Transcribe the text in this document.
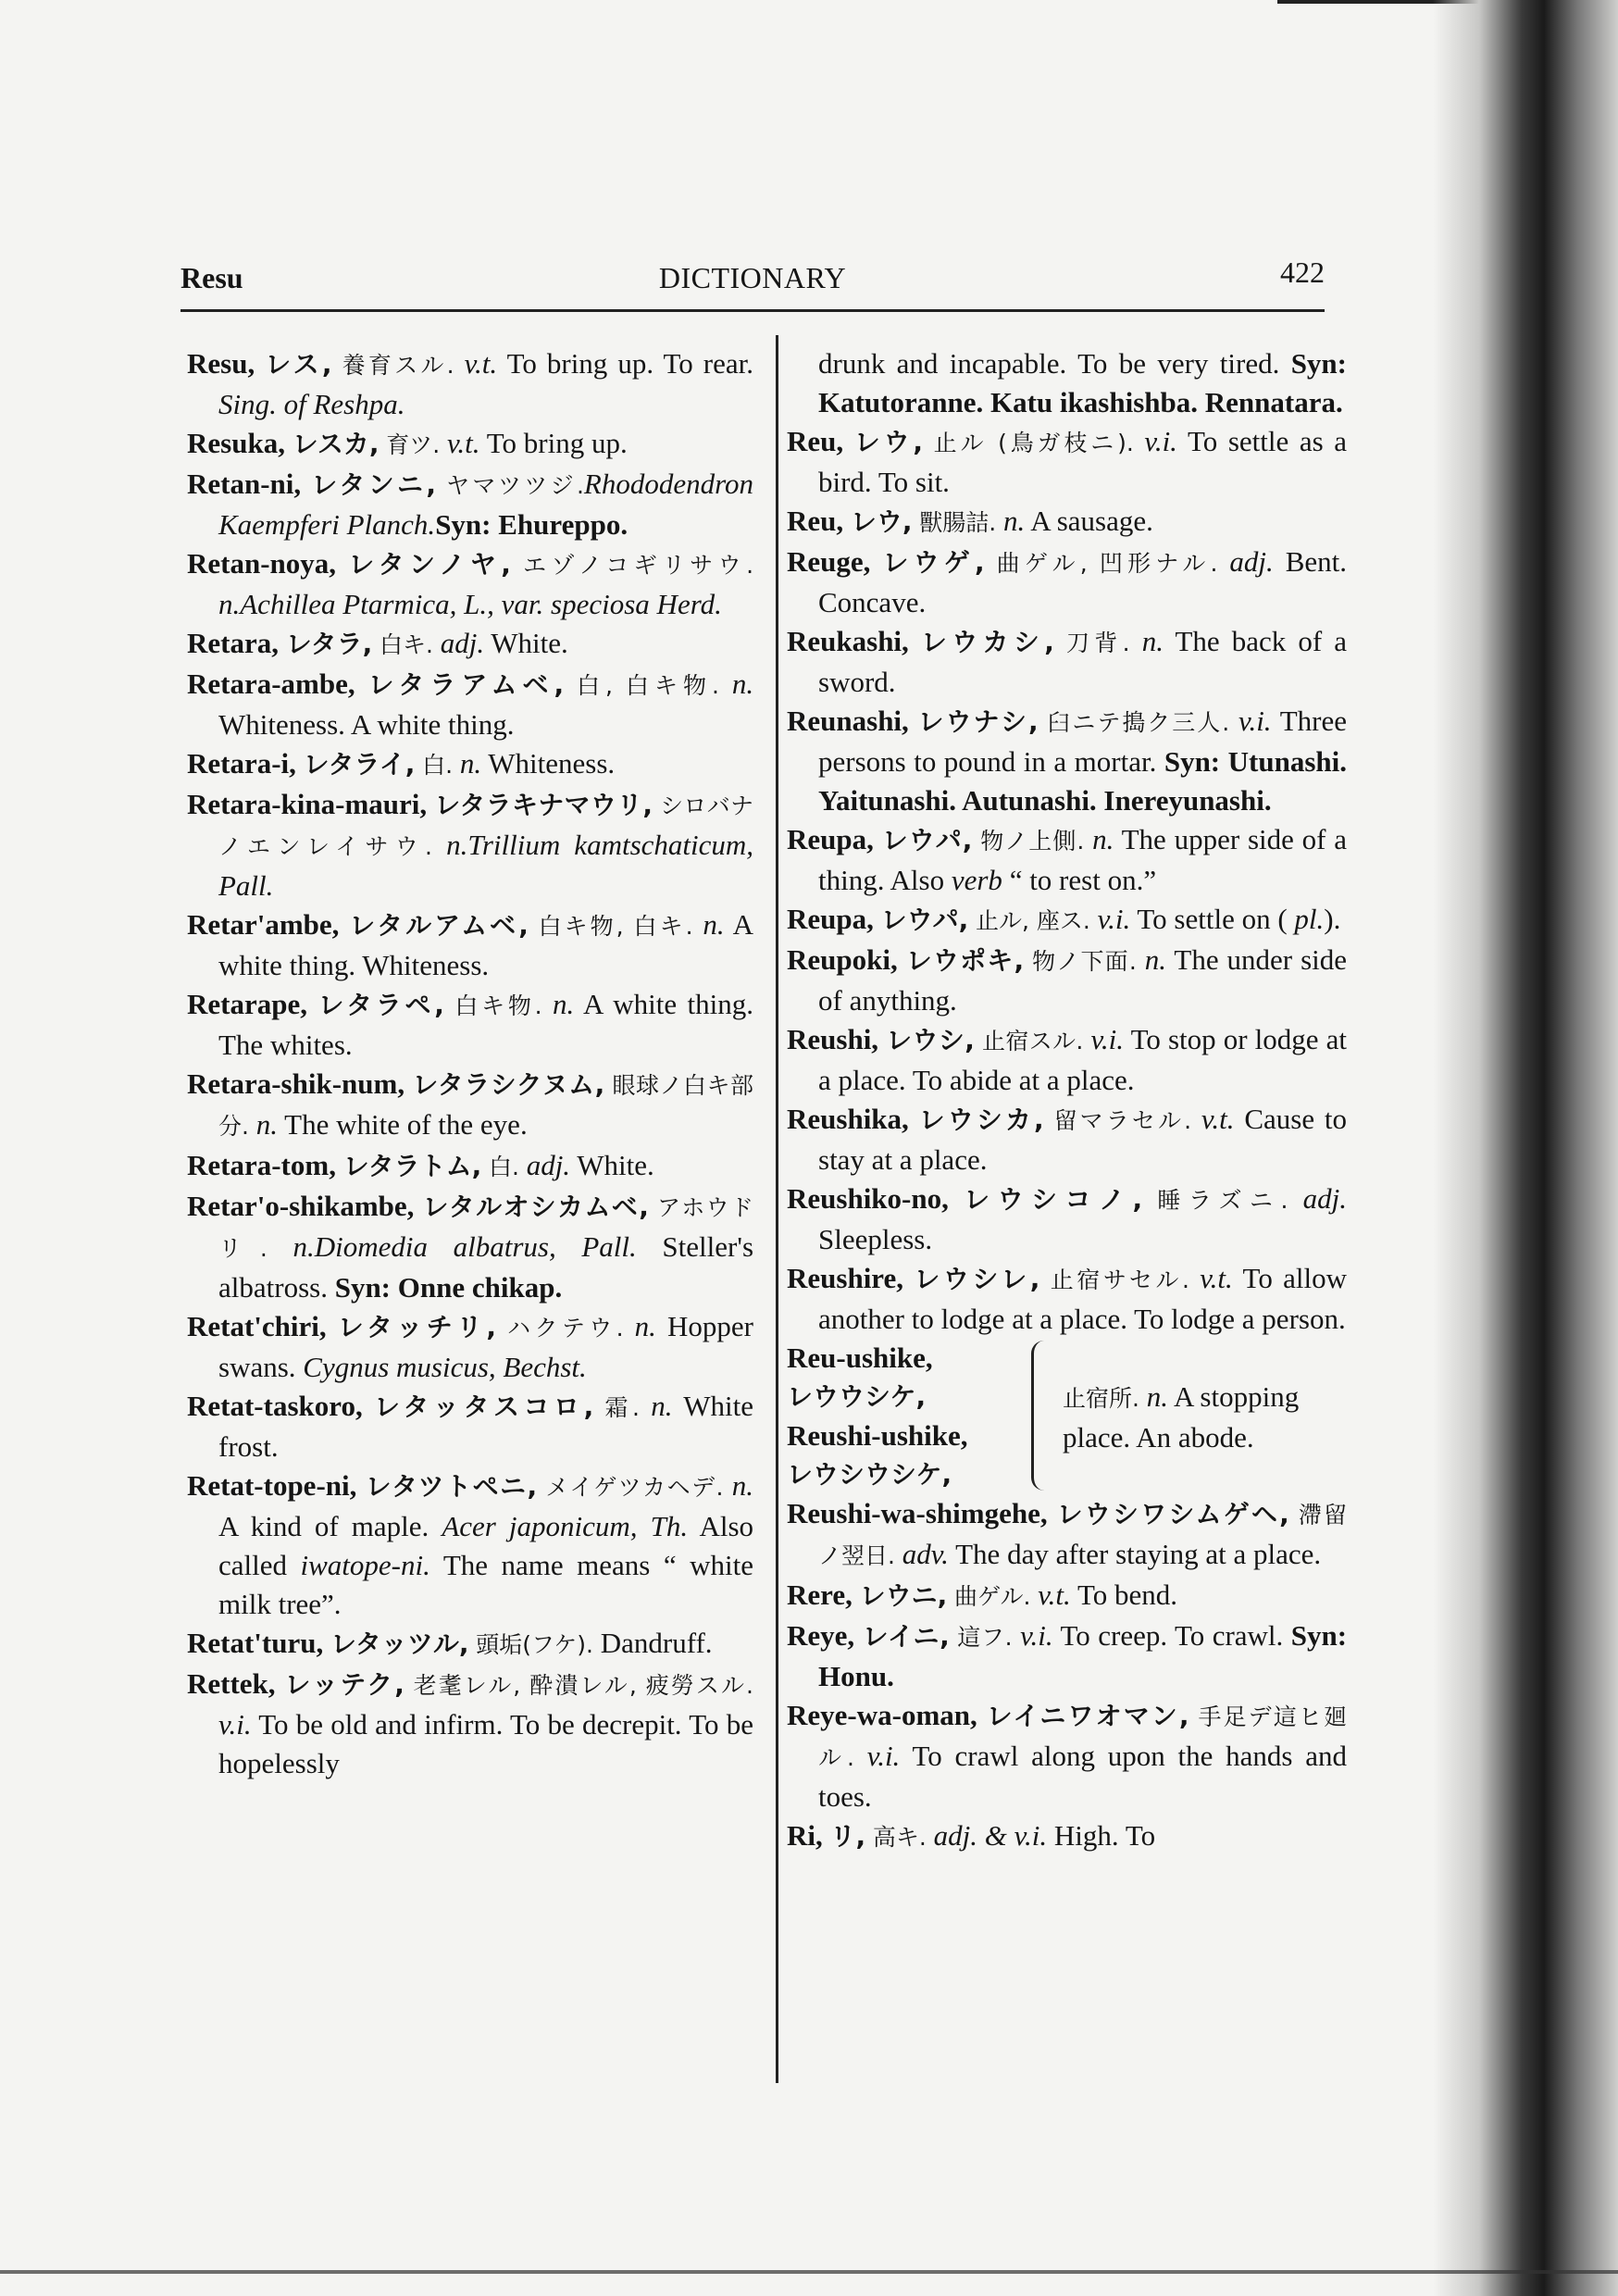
Resu	DICTIONARY	422

Resu, レス, 養育スル. v.t. To bring up. To rear. Sing. of Reshpa.

Resuka, レスカ, 育ツ. v.t. To bring up.

Retan-ni, レタンニ, ヤマツツジ.Rhododendron Kaempferi Planch.Syn: Ehureppo.

Retan-noya, レタンノヤ, エゾノコギリサウ. n.Achillea Ptarmica, L., var. speciosa Herd.

Retara, レタラ, 白キ. adj. White.

Retara-ambe, レタラアムベ, 白, 白キ物. n. Whiteness. A white thing.

Retara-i, レタライ, 白. n. Whiteness.

Retara-kina-mauri, レタラキナマウリ, シロバナノエンレイサウ. n.Trillium kamtschaticum, Pall.

Retar'ambe, レタルアムベ, 白キ物, 白キ. n. A white thing. Whiteness.

Retarape, レタラペ, 白キ物. n. A white thing. The whites.

Retara-shik-num, レタラシクヌム, 眼球ノ白キ部分. n. The white of the eye.

Retara-tom, レタラトム, 白. adj. White.

Retar'o-shikambe, レタルオシカムベ, アホウドリ. n.Diomedia albatrus, Pall. Steller's albatross. Syn: Onne chikap.

Retat'chiri, レタッチリ, ハクテウ. n. Hopper swans. Cygnus musicus, Bechst.

Retat-taskoro, レタッタスコロ, 霜. n. White frost.

Retat-tope-ni, レタツトペニ, メイゲツカヘデ. n. A kind of maple. Acer japonicum, Th. Also called iwatope-ni. The name means “ white milk tree”.

Retat'turu, レタッツル, 頭垢(フケ). Dandruff.

Rettek, レッテク, 老耄レル, 酔潰レル, 疲勞スル. v.i. To be old and infirm. To be decrepit. To be hopelessly

drunk and incapable. To be very tired. Syn: Katutoranne. Katu ikashishba. Rennatara.

Reu, レウ, 止ル (鳥ガ枝ニ). v.i. To settle as a bird. To sit.

Reu, レウ, 獸腸詰. n. A sausage.

Reuge, レウゲ, 曲ゲル, 凹形ナル. adj. Bent. Concave.

Reukashi, レウカシ, 刀背. n. The back of a sword.

Reunashi, レウナシ, 臼ニテ搗ク三人. v.i. Three persons to pound in a mortar. Syn: Utunashi. Yaitunashi. Autunashi. Inereyunashi.

Reupa, レウパ, 物ノ上側. n. The upper side of a thing. Also verb “ to rest on.”

Reupa, レウパ, 止ル, 座ス. v.i. To settle on ( pl.).

Reupoki, レウポキ, 物ノ下面. n. The under side of anything.

Reushi, レウシ, 止宿スル. v.i. To stop or lodge at a place. To abide at a place.

Reushika, レウシカ, 留マラセル. v.t. Cause to stay at a place.

Reushiko-no, レウシコノ, 睡ラズニ. adj. Sleepless.

Reushire, レウシレ, 止宿サセル. v.t. To allow another to lodge at a place. To lodge a person.

Reu-ushike,
レウウシケ,
Reushi-ushike,
レウシウシケ,
止宿所. n. A stopping place. An abode.

Reushi-wa-shimgehe, レウシワシムゲヘ, 滯留ノ翌日. adv. The day after staying at a place.

Rere, レウニ, 曲ゲル. v.t. To bend.

Reye, レイニ, 這フ. v.i. To creep. To crawl. Syn: Honu.

Reye-wa-oman, レイニワオマン, 手足デ這ヒ廻ル. v.i. To crawl along upon the hands and toes.

Ri, リ, 高キ. adj. & v.i. High. To
